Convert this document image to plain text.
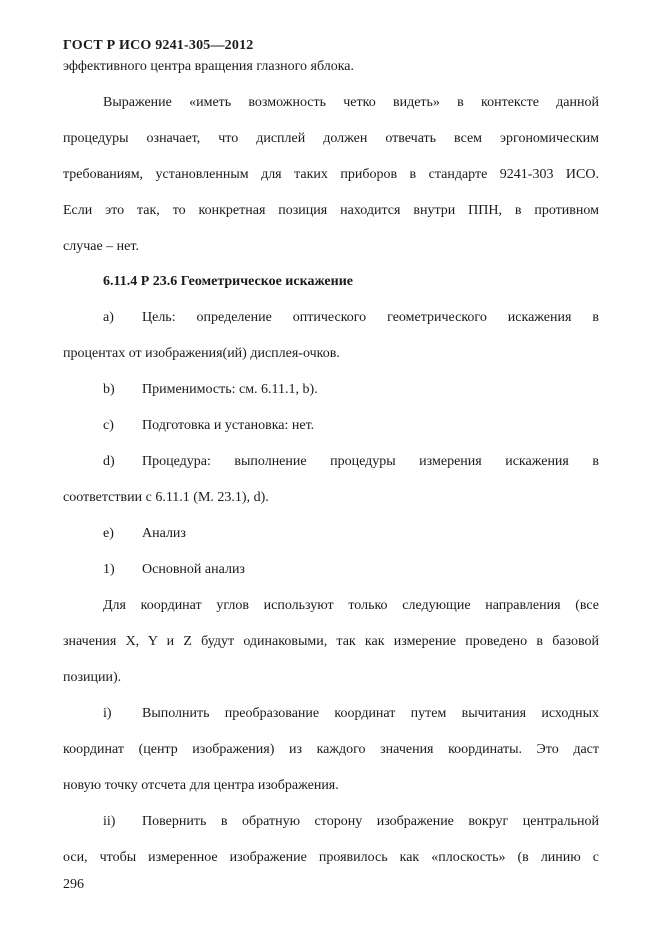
ГОСТ Р ИСО 9241-305—2012
эффективного центра вращения глазного яблока.
Выражение «иметь возможность четко видеть» в контексте данной
процедуры означает, что дисплей должен отвечать всем эргономическим
требованиям, установленным для таких приборов в стандарте 9241-303 ИСО.
Если это так, то конкретная позиция находится внутри ППН, в противном
случае – нет.
6.11.4 Р 23.6 Геометрическое искажение
a) Цель: определение оптического геометрического искажения в
процентах от изображения(ий) дисплея-очков.
b) Применимость: см. 6.11.1, b).
c) Подготовка и установка: нет.
d) Процедура: выполнение процедуры измерения искажения в
соответствии с 6.11.1 (М. 23.1), d).
e) Анализ
1) Основной анализ
Для координат углов используют только следующие направления (все
значения X, Y и Z будут одинаковыми, так как измерение проведено в базовой
позиции).
i) Выполнить преобразование координат путем вычитания исходных
координат (центр изображения) из каждого значения координаты. Это даст
новую точку отсчета для центра изображения.
ii) Повернить в обратную сторону изображение вокруг центральной
оси, чтобы измеренное изображение проявилось как «плоскость» (в линию с
296
